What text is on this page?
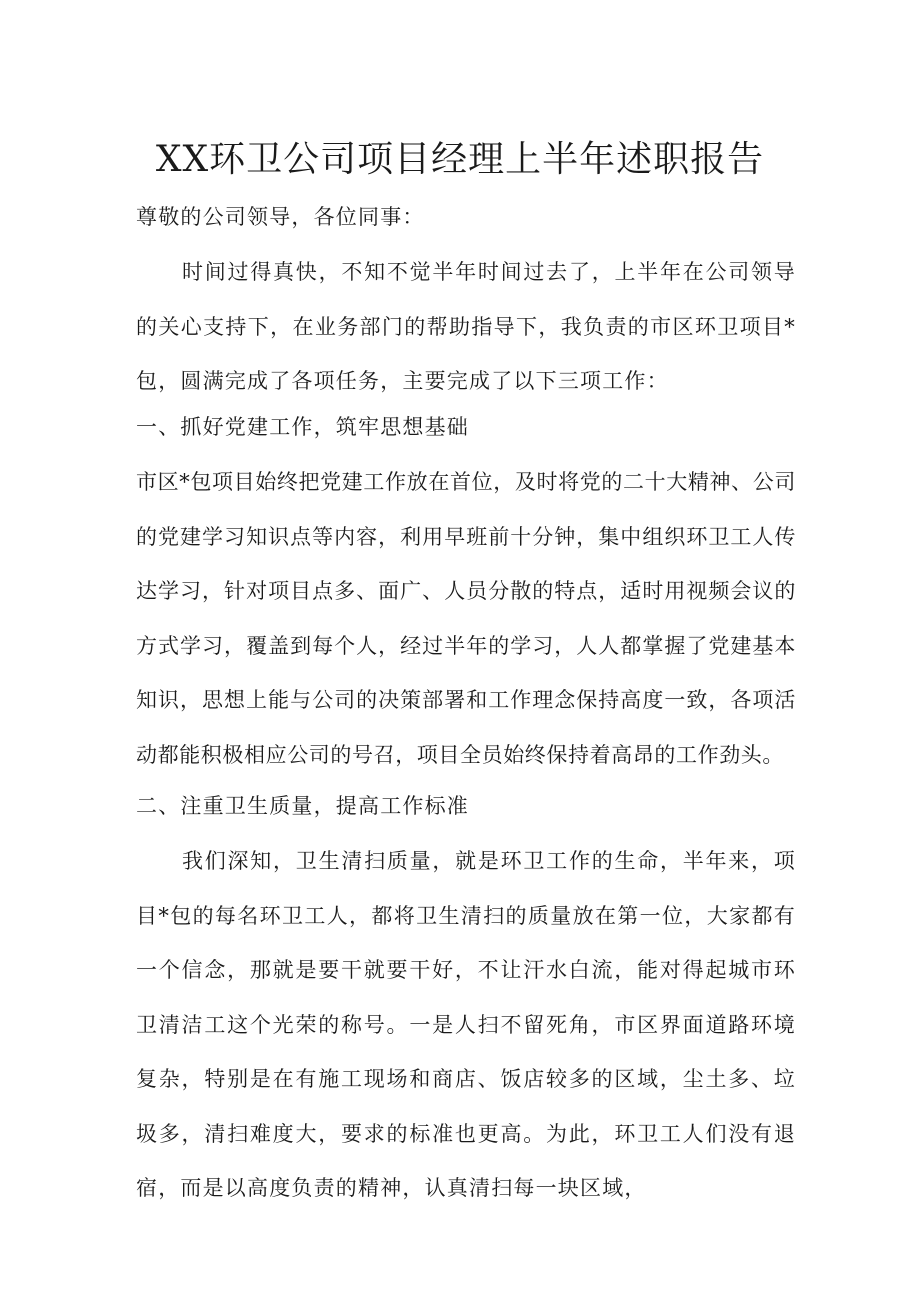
XX环卫公司项目经理上半年述职报告

尊敬的公司领导，各位同事：

时间过得真快，不知不觉半年时间过去了，上半年在公司领导的关心支持下，在业务部门的帮助指导下，我负责的市区环卫项目*包，圆满完成了各项任务，主要完成了以下三项工作：

一、抓好党建工作，筑牢思想基础

市区*包项目始终把党建工作放在首位，及时将党的二十大精神、公司的党建学习知识点等内容，利用早班前十分钟，集中组织环卫工人传达学习，针对项目点多、面广、人员分散的特点，适时用视频会议的方式学习，覆盖到每个人，经过半年的学习，人人都掌握了党建基本知识，思想上能与公司的决策部署和工作理念保持高度一致，各项活动都能积极相应公司的号召，项目全员始终保持着高昂的工作劲头。

二、注重卫生质量，提高工作标准

我们深知，卫生清扫质量，就是环卫工作的生命，半年来，项目*包的每名环卫工人，都将卫生清扫的质量放在第一位，大家都有一个信念，那就是要干就要干好，不让汗水白流，能对得起城市环卫清洁工这个光荣的称号。一是人扫不留死角，市区界面道路环境复杂，特别是在有施工现场和商店、饭店较多的区域，尘土多、垃圾多，清扫难度大，要求的标准也更高。为此，环卫工人们没有退宿，而是以高度负责的精神，认真清扫每一块区域，
